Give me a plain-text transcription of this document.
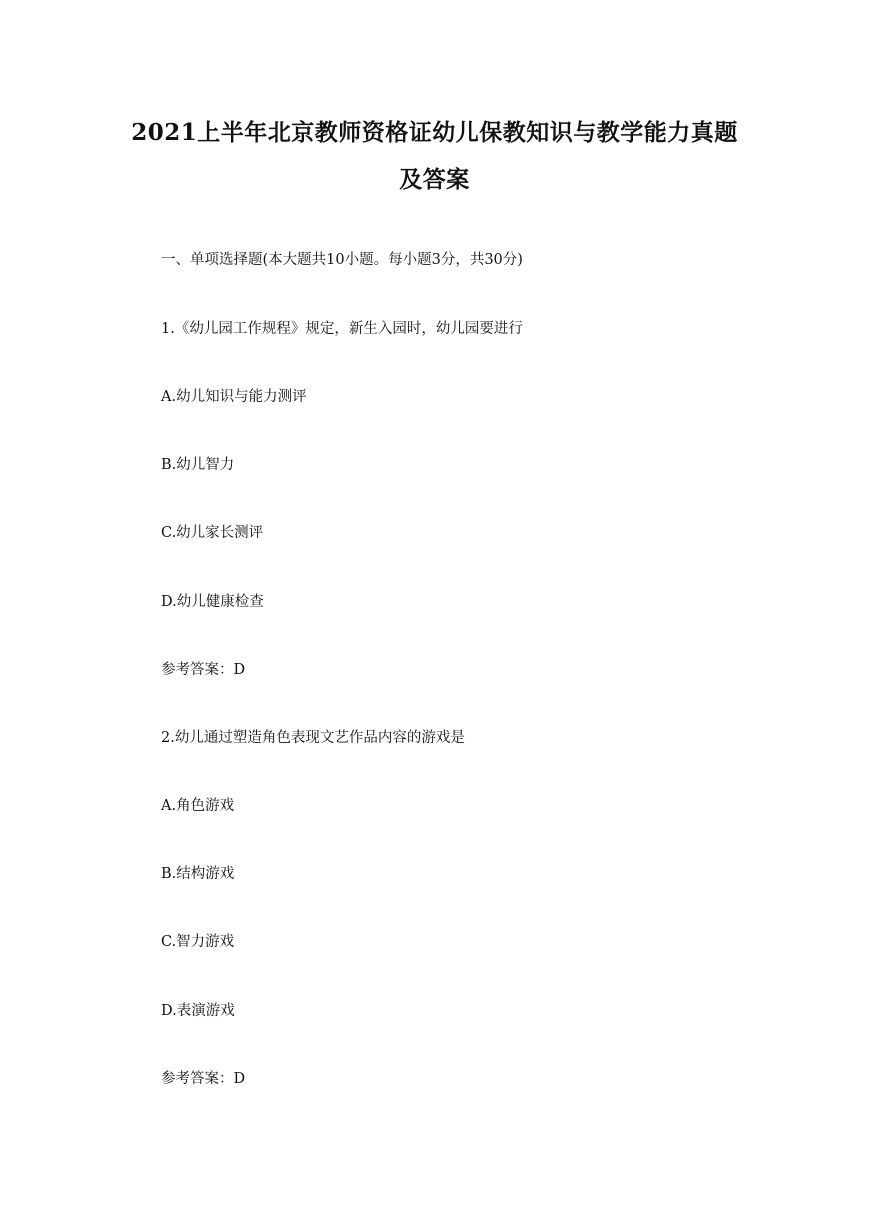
2021上半年北京教师资格证幼儿保教知识与教学能力真题
及答案
一、单项选择题(本大题共10小题。每小题3分，共30分)
1.《幼儿园工作规程》规定，新生入园时，幼儿园要进行
A.幼儿知识与能力测评
B.幼儿智力
C.幼儿家长测评
D.幼儿健康检查
参考答案：D
2.幼儿通过塑造角色表现文艺作品内容的游戏是
A.角色游戏
B.结构游戏
C.智力游戏
D.表演游戏
参考答案：D
